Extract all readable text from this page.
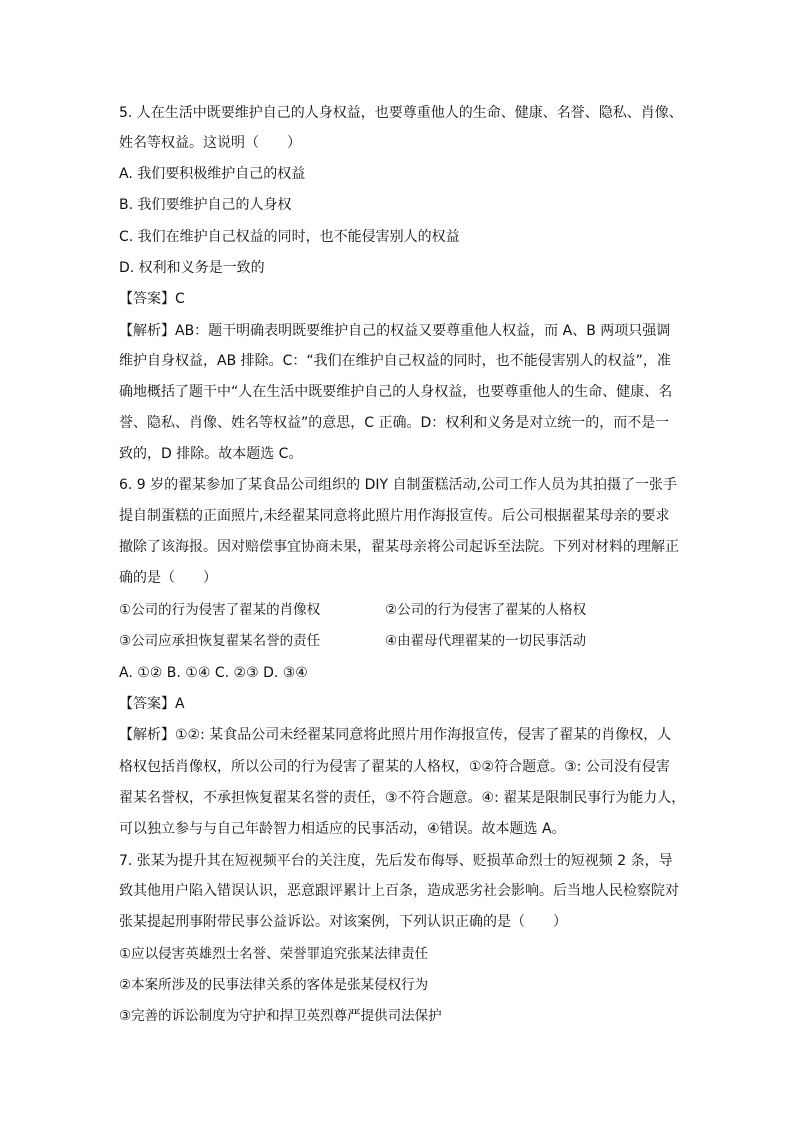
5. 人在生活中既要维护自己的人身权益，也要尊重他人的生命、健康、名誉、隐私、肖像、
姓名等权益。这说明（　　）
A. 我们要积极维护自己的权益
B. 我们要维护自己的人身权
C. 我们在维护自己权益的同时，也不能侵害别人的权益
D. 权利和义务是一致的
【答案】C
【解析】AB：题干明确表明既要维护自己的权益又要尊重他人权益，而 A、B 两项只强调
维护自身权益，AB 排除。C：“我们在维护自己权益的同时，也不能侵害别人的权益”，准
确地概括了题干中“人在生活中既要维护自己的人身权益，也要尊重他人的生命、健康、名
誉、隐私、肖像、姓名等权益”的意思，C 正确。D：权利和义务是对立统一的，而不是一
致的，D 排除。故本题选 C。
6. 9 岁的翟某参加了某食品公司组织的 DIY 自制蛋糕活动,公司工作人员为其拍摄了一张手
提自制蛋糕的正面照片,未经翟某同意将此照片用作海报宣传。后公司根据翟某母亲的要求
撤除了该海报。因对赔偿事宜协商未果，翟某母亲将公司起诉至法院。下列对材料的理解正
确的是（　　）
①公司的行为侵害了翟某的肖像权	②公司的行为侵害了翟某的人格权
③公司应承担恢复翟某名誉的责任	④由翟母代理翟某的一切民事活动
A. ①② B. ①④ C. ②③ D. ③④
【答案】A
【解析】①②: 某食品公司未经翟某同意将此照片用作海报宣传，侵害了翟某的肖像权，人
格权包括肖像权，所以公司的行为侵害了翟某的人格权，①②符合题意。③: 公司没有侵害
翟某名誉权，不承担恢复翟某名誉的责任，③不符合题意。④: 翟某是限制民事行为能力人，
可以独立参与与自己年龄智力相适应的民事活动，④错误。故本题选 A。
7. 张某为提升其在短视频平台的关注度，先后发布侮辱、贬损革命烈士的短视频 2 条，导
致其他用户陷入错误认识，恶意跟评累计上百条，造成恶劣社会影响。后当地人民检察院对
张某提起刑事附带民事公益诉讼。对该案例，下列认识正确的是（　　）
①应以侵害英雄烈士名誉、荣誉罪追究张某法律责任
②本案所涉及的民事法律关系的客体是张某侵权行为
③完善的诉讼制度为守护和捍卫英烈尊严提供司法保护
